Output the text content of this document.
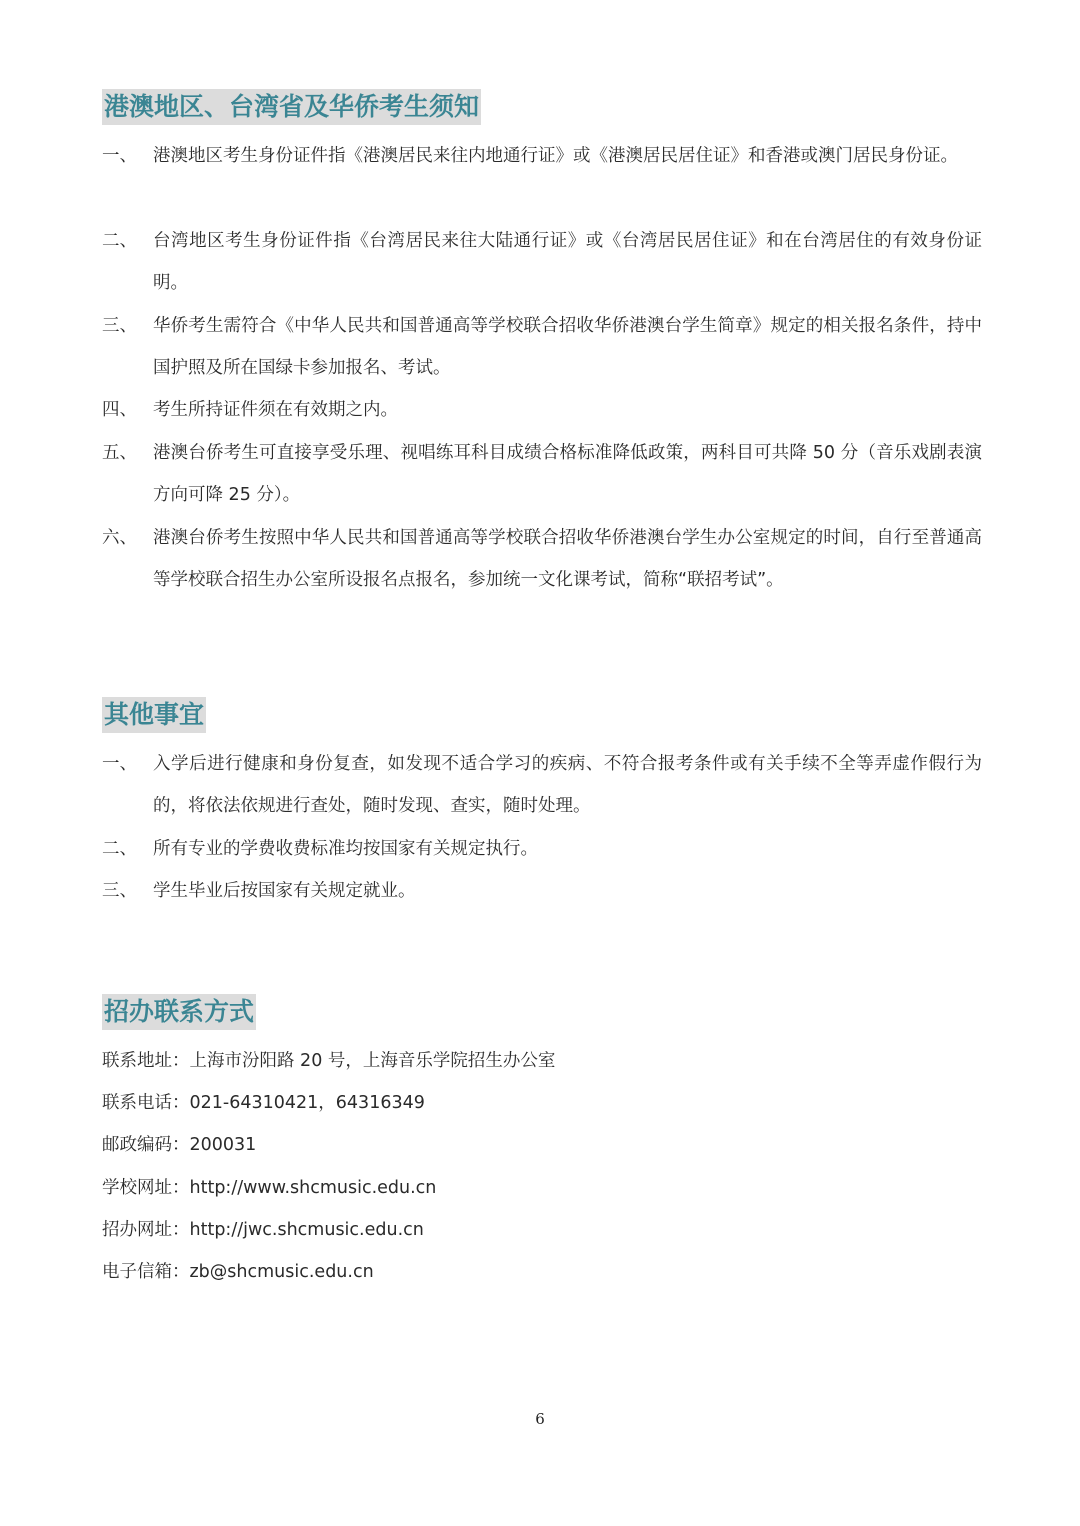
港澳地区、台湾省及华侨考生须知
一、 港澳地区考生身份证件指《港澳居民来往内地通行证》或《港澳居民居住证》和香港或澳门居民身份证。
二、 台湾地区考生身份证件指《台湾居民来往大陆通行证》或《台湾居民居住证》和在台湾居住的有效身份证明。
三、 华侨考生需符合《中华人民共和国普通高等学校联合招收华侨港澳台学生简章》规定的相关报名条件，持中国护照及所在国绿卡参加报名、考试。
四、 考生所持证件须在有效期之内。
五、 港澳台侨考生可直接享受乐理、视唱练耳科目成绩合格标准降低政策，两科目可共降 50 分（音乐戏剧表演方向可降 25 分）。
六、 港澳台侨考生按照中华人民共和国普通高等学校联合招收华侨港澳台学生办公室规定的时间，自行至普通高等学校联合招生办公室所设报名点报名，参加统一文化课考试，简称“联招考试”。
其他事宜
一、 入学后进行健康和身份复查，如发现不适合学习的疾病、不符合报考条件或有关手续不全等弄虚作假行为的，将依法依规进行查处，随时发现、查实，随时处理。
二、 所有专业的学费收费标准均按国家有关规定执行。
三、 学生毕业后按国家有关规定就业。
招办联系方式
联系地址：上海市汾阳路 20 号，上海音乐学院招生办公室
联系电话：021-64310421，64316349
邮政编码：200031
学校网址：http://www.shcmusic.edu.cn
招办网址：http://jwc.shcmusic.edu.cn
电子信箱：zb@shcmusic.edu.cn
6
